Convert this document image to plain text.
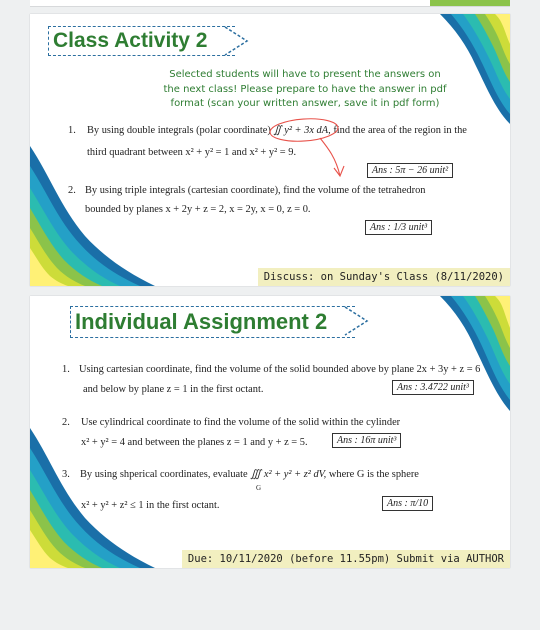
Class Activity 2
Selected students will have to present the answers on the next class! Please prepare to have the answer in pdf format (scan your written answer, save it in pdf form)
1. By using double integrals (polar coordinate) ∬ y² + 3x dA, find the area of the region in the
third quadrant between x² + y² = 1 and x² + y² = 9.
Ans : 5π − 26 unit²
2. By using triple integrals (cartesian coordinate), find the volume of the tetrahedron
bounded by planes x + 2y + z = 2, x = 2y, x = 0, z = 0.
Ans : 1/3 unit³
Discuss: on Sunday's Class (8/11/2020)
Individual Assignment 2
1. Using cartesian coordinate, find the volume of the solid bounded above by plane 2x + 3y + z = 6
and below by plane z = 1 in the first octant.	Ans : 3.4722 unit³
2. Use cylindrical coordinate to find the volume of the solid within the cylinder
x² + y² = 4 and between the planes z = 1 and y + z = 5.	Ans : 16π unit³
3. By using shperical coordinates, evaluate ∭ x² + y² + z² dV, where G is the sphere
G
x² + y² + z² ≤ 1 in the first octant.	Ans : π/10
Due: 10/11/2020 (before 11.55pm) Submit via AUTHOR
